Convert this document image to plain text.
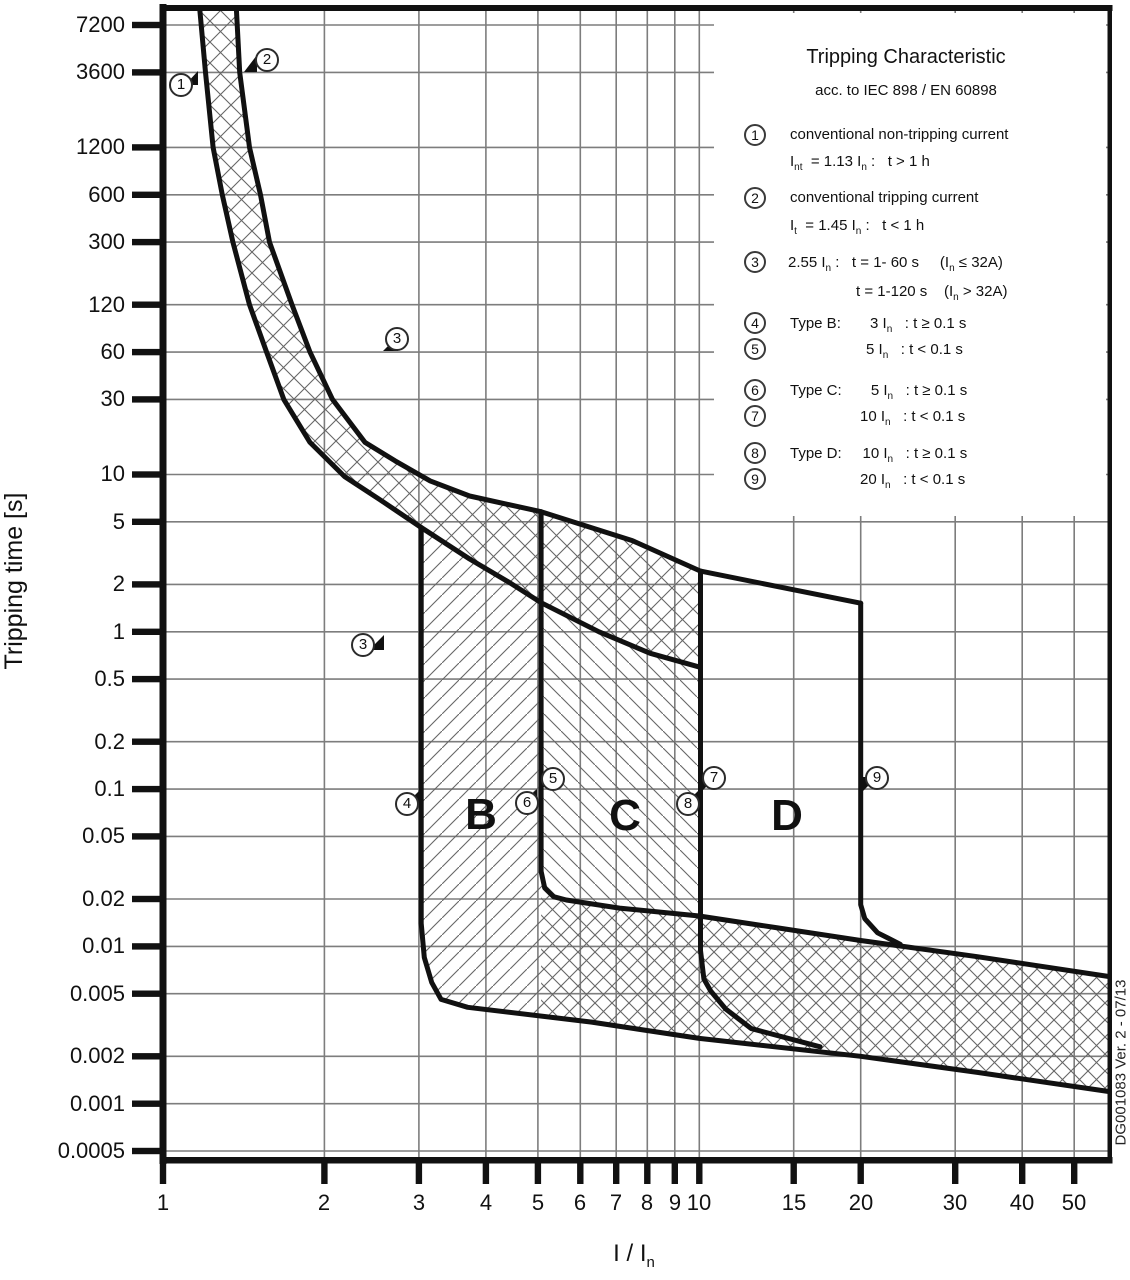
Tripping Characteristic
acc. to IEC 898 / EN 60898
Tripping time [s]
I / $I_n$
B	C	D
DG001083 Ver. 2 - 07/13
7200
3600
1200
600
300
120
60
30
10
5
2
1
0.5
0.2
0.1
0.05
0.02
0.01
0.005
0.002
0.001
0.0005
1	2	3	4	5	6	7 8 9 10	15	20	30	40	50
1
2
3
3
4
5
6
7
8
9
1	conventional non-tripping current
$I_{nt} = 1.13$ $I_n$ :   t > 1 h
2	conventional tripping current
$I_t = 1.45$ $I_n$ :   t < 1 h
3	2.55 $I_n$ :   t = 1- 60 s     $(I_n \le 32A)$
t = 1-120 s    $(I_n > 32A)$
4	Type B:       3 $I_n$   : t ≥ 0.1 s
5	5 $I_n$   : t < 0.1 s
6	Type C:       5 $I_n$   : t ≥ 0.1 s
7	10 $I_n$   : t < 0.1 s
8	Type D:     10 $I_n$   : t ≥ 0.1 s
9	20 $I_n$   : t < 0.1 s
